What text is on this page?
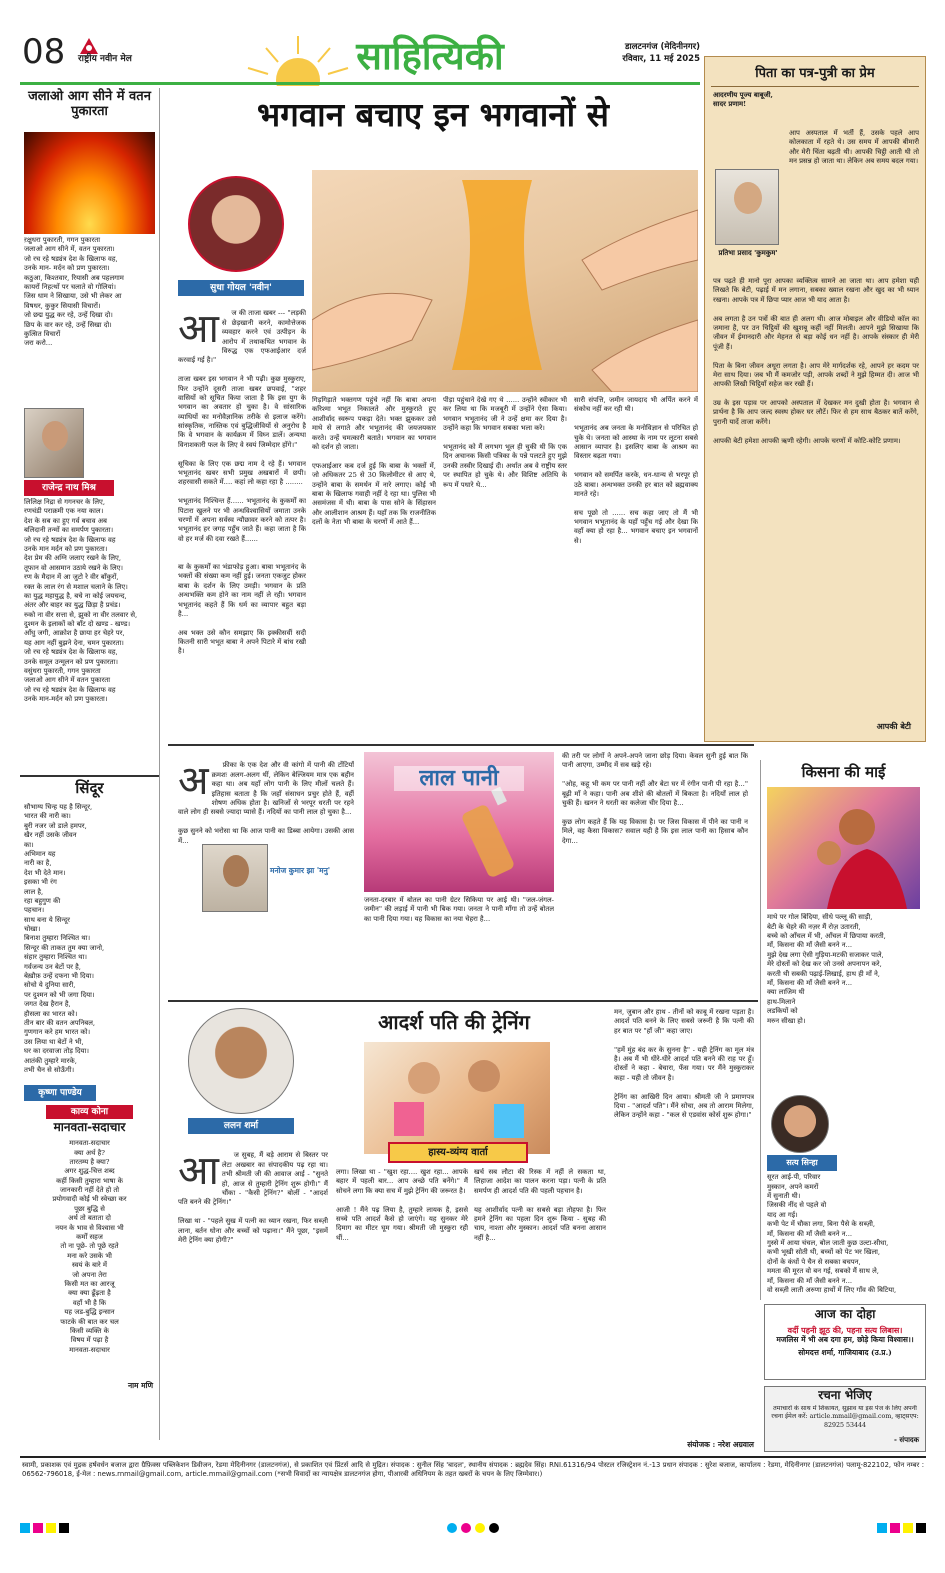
08 राष्ट्रीय नवीन मेल	साहित्यिकी	डालटनगंज (मेदिनीनगर)
रविवार, 11 मई 2025
जलाओ आग सीने में वतन पुकारता
ऱक्षुधरा पुकारती, गगन पुकारता
जलाओ आग सीने में, वतन पुकारता।
जो रच रहे षड्यंत्र देश के खिलाफ वह,
उनके मान- मर्दन को प्रण पुकारता।
कठुआ, किश्तवार, रियासी अब पहलगाम
कायरों निहत्थों पर चलाते वो गोलियां।
जिस धाम ने सिखाया, उसे भी लेकर आ
विषधर, कुकुर सियासी विचारों।
जो छद्म युद्ध कर रहे, उन्हें दिखा दो।
छिप के वार कर रहे, उन्हें सिखा दो।
कुत्सित विचारों
जरा करो...
राजेन्द्र नाथ मिश्र
लिलिक्ष निद्रा से गगनचर के लिए,
रणचंडी पराक्रमी एक नया काल।
देश के सब का हुए गर्व बचाव अब
बलिदानी तन्मों का समर्पण पुकारता।
जो रच रहे षड्यंत्र देश के खिलाफ वह
उनके मान मर्दन को प्रण पुकारता।
देश प्रेम की अग्नि जलाए रखने के लिए,
तूफान वो आसमान उठाये रखने के लिए।
रण के मैदान में आ जुटो रे वीर बाँकुरों,
रक्त के लाल रंग से मशाल चलाने के लिए।
का युद्ध महायुद्ध है, बचे ना कोई जयचन्द,
अंतर और बाहर का युद्ध छिड़ा है प्रचंड।
रुको ना वीर सत्ता से, झुको ना वीर तलवार से,
दुश्मन के इलाकों को बाँट दो खण्ड - खण्ड।
आँधु जगी, आक्रोश है छाया हर चेहरे पर,
यह आग नहीं बुझने देना, चमन पुकारता।
जो रच रहे षड्यंत्र देश के खिलाफ वह,
उनके समूल उन्मूलन को प्रण पुकारता।
वसुंधरा पुकारती, गगन पुकारता
जलाओ आग सीने में वतन पुकारता
जो रच रहे षड्यंत्र देश के खिलाफ वह
उनके मान-मर्दन को प्रण पुकारता।
सिंदूर
सौभाग्य चिन्ह यह है सिन्दूर,
भारत की नारी का।
बुरी नजर जो डाले हमपर,
खैर नहीं उसके जीवन
का।
अभिमान यह
नारी का है,
देश भी देते मान।
इसका भी रंग
लाल है,
रहा बहुगुण की
पहचान।
साथ बना ये सिन्दूर
चोखा।
बिनाश तुम्हारा निश्चित था।
सिन्दूर की ताकत तुम क्या जानो,
संहार तुम्हारा निश्चित था।
गर्वजन्य उन बेटों पर है,
बेख़ौफ़ उन्हें दफना भी दिया।
सोचो ये दुनिया सारी,
पर दुश्मन को भी जगा दिया।
जगत देख हैरान है,
हौसला का भारत को।
तीन बार की वतन अपनिबल,
गुणगान करे हम भारत को।
उस लिया था बेटों ने भी,
घर का दरवाजा तोड़ दिया।
आतंकी तुम्हारे मारके,
तभी चैन से सोऊँगी।
कृष्णा पाण्डेय
काव्य कोना
मानवता-सदाचार
मानवता-सदाचार
क्या अर्थ है?
तारतम्य है क्या?
अगर शुद्ध-चित्त शब्द
कहीं किसी तुम्हारा भाषा के
जानकारी नहीं देते हो तो
प्रयोगवादी कोई भी स्वेच्छा कर
पूछा बुद्धि से
अर्थ तो बताता दो
नयन के भाव से विश्वास भी
कर्मों सहज
तो ना पूछे- तो पूछे रहते
मना करे उसके भी
स्वयं के बारे में
जो अपना तेरा
किसी मत का आरजू
क्या क्या ढूँढ़ता है
वहाँ भी है कि
यह जड-बुद्धि इन्सान
फाटके की बात कर चल
किसी व्यक्ति के
विषय में पढ़ा है
मानवता-सदाचार
नाम मणि
भगवान बचाए इन भगवानों से
सुधा गोयल 'नवीन'

आ ज की ताजा खबर --- "लड़की से छेड़खानी करने, कामोत्तेजक व्यवहार करने एवं उत्पीड़न के आरोप में तथाकथित भगवान के विरुद्ध एक एफआईआर दर्ज करवाई गई है।"

ताजा खबर इस भगवान ने भी पढ़ी। कुछ मुस्कुराए, फिर उन्होंने दूसरी ताजा खबर छपवाई, "शहर वासियों को सूचित किया जाता है कि इस युग के भगवान का अवतार हो चुका है। वे सांसारिक व्याधियों का मनोवैज्ञानिक तरीके से इलाज करेंगे। सांस्कृतिक, नास्तिक एवं बुद्धिजीवियों से अनुरोध है कि वे भगवान के कार्यक्रम में विघ्न डालें। अन्यथा विनाशकारी फल के लिए वे स्वयं जिम्मेदार होंगे।"

सूचिका के लिए एक छद्म नाम दे रहे हैं। भगवान भभूतानंद खबर सभी प्रमुख अखबारों में छपी। शहरवासी सकते में.... कहां लो कहा रहा है ........

भभूतानंद निश्चिन्त हैं...... भभूतानंद के कुकर्मों का पिटारा खुलने पर भी अन्धविश्वासियों जमाता उनके चरणों में अपना सर्वस्व न्यौछावर करने को तत्पर है। भभूतानंद हर जगह पहुँच जाते हैं। कहा जाता है कि वो हर मर्ज की दवा रखते हैं......

बा के कुकर्मों का भंडाफोड़ हुआ। बाबा भभूतानंद के भक्तों की संख्या कम नहीं हुई। जनता एकजुट होकर बाबा के दर्शन के लिए उमड़ी। भगवान के प्रति अन्धभक्ति कम होने का नाम नहीं ले रही। भगवान भभूतानंद कहते हैं कि धर्म का व्यापार बहुत बड़ा है...

अब भक्त उसे कौन समझाए कि इक्कीसवीं सदी कितनी सारी भभूत बाबा ने अपने पिटारे में बांध रखी है।
गिड़गिड़ाते भक्तगण पहुंचे नहीं कि बाबा अपना करिश्मा भभूत निकालते और मुस्कुराते हुए आशीर्वाद स्वरूप पकड़ा देते। भक्त झुककर उसे माथे से लगाते और भभूतानंद की जयजयकार करते। उन्हें चमत्कारी बताते। भगवान का भगवान को दर्शन हो जाता।

एफआईआर कब दर्ज हुई कि बाबा के भक्तों में, जो अधिकतर 25 से 30 किलोमीटर से आए थे, उन्होंने बाबा के समर्थन में नारे लगाए। कोई भी बाबा के खिलाफ गवाही नहीं दे रहा था। पुलिस भी असमंजस में थी। बाबा के पास सोने के सिंहासन और आलीशान आश्रम हैं। यहाँ तक कि राजनीतिक दलों के नेता भी बाबा के चरणों में आते हैं...
पीड़ा पहुंचाने देखे गए थे ...... उन्होंने स्वीकार भी कर लिया था कि मजबूरी में उन्होंने ऐसा किया। भगवान भभूतानंद जी ने उन्हें क्षमा कर दिया है। उन्होंने कहा कि भगवान सबका भला करे।

भभूतानंद को मैं लगभग भूल ही चुकी थी कि एक दिन अचानक किसी पत्रिका के पन्ने पलटते हुए मुझे उनकी तस्वीर दिखाई दी। अर्थात अब वे राष्ट्रीय स्तर पर स्थापित हो चुके थे। और विशिष्ट अतिथि के रूप में पधारे थे...
सारी संपत्ति, जमीन जायदाद भी अर्पित करने में संकोच नहीं कर रही थी।

भभूतानंद अब जनता के मनोविज्ञान से परिचित हो चुके थे। जनता को आस्था के नाम पर लूटना सबसे आसान व्यापार है। इसलिए बाबा के आश्रम का विस्तार बढ़ता गया।

भगवान को समर्पित करके, धन-धान्य से भरपूर हो उठे बाबा। अन्धभक्त उनकी हर बात को ब्रह्मवाक्य मानते रहे।

सच पूछो तो ...... सच कहा जाए तो मैं भी भगवान भभूतानंद के यहाँ पहुँच गई और देखा कि वहाँ क्या हो रहा है... भगवान बचाए इन भगवानों से।
पिता का पत्र-पुत्री का प्रेम
आदरणीय पूज्य बाबूजी,
सादर प्रणाम!
प्रतिभा प्रसाद 'कुमकुम'
आप अस्पताल में भर्ती हैं, उसके पहले आप कोलकाता में रहते थे। उस समय में आपकी बीमारी और मेरी चिंता बढ़ती थी। आपकी चिट्ठी आती थी तो मन प्रसन्न हो जाता था। लेकिन अब समय बदल गया।
पत्र पढ़ते ही मानो पूरा आपका व्यक्तित्व सामने आ जाता था। आप हमेशा यही लिखते कि बेटी, पढ़ाई में मन लगाना, सबका ख्याल रखना और खुद का भी ध्यान रखना। आपके पत्र में छिपा प्यार आज भी याद आता है।

अब लगता है उन पत्रों की बात ही अलग थी। आज मोबाइल और वीडियो कॉल का जमाना है, पर उन चिट्ठियों की खुशबू कहीं नहीं मिलती। आपने मुझे सिखाया कि जीवन में ईमानदारी और मेहनत से बड़ा कोई धन नहीं है। आपके संस्कार ही मेरी पूंजी हैं।

पिता के बिना जीवन अधूरा लगता है। आप मेरे मार्गदर्शक रहे, आपने हर कदम पर मेरा साथ दिया। जब भी मैं कमजोर पड़ी, आपके शब्दों ने मुझे हिम्मत दी। आज भी आपकी लिखी चिट्ठियाँ सहेज कर रखी हैं।

उम्र के इस पड़ाव पर आपको अस्पताल में देखकर मन दुखी होता है। भगवान से प्रार्थना है कि आप जल्द स्वस्थ होकर घर लौटें। फिर से हम साथ बैठकर बातें करेंगे, पुरानी यादें ताजा करेंगे।

आपकी बेटी हमेशा आपकी ऋणी रहेगी। आपके चरणों में कोटि-कोटि प्रणाम।
आपकी बेटी

अ फ्रीका के एक देश और वी कांगो में पानी की टोंटियाँ क्रमशः अलग-अलग थीं, लेकिन बेल्जियम मात्र एक बहीन कहा था। अब यहाँ लोग पानी के लिए मीलों चलते हैं। इतिहास बताता है कि जहाँ संसाधन प्रचुर होते हैं, वहीं शोषण अधिक होता है। खनिजों से भरपूर धरती पर रहने वाले लोग ही सबसे ज्यादा प्यासे हैं। नदियों का पानी लाल हो चुका है...

कुछ सुनने को भरोसा था कि आज पानी का डिब्बा आयेगा। उसकी आस में...

मनोज कुमार झा 'मनु'
लाल पानी
जनता-दरबार में बोतल का पानी ग्रेटर सिकिया पर आई थी। "जल-जंगल-जमीन" की लड़ाई में पानी भी बिक गया। जनता ने पानी माँगा तो उन्हें बोतल का पानी दिया गया। यह विकास का नया चेहरा है...
की तरी पर लोगों ने अपने-अपने जाना छोड़ दिया। केवल सुनी हुई बात कि पानी आएगा, उम्मीद में सब खड़े रहे।

"ओह, कहू भी कम पर पानी नहीं और बेटा घर में रंगीन पानी पी रहा है..." बूढ़ी माँ ने कहा। पानी अब शीशे की बोतलों में बिकता है। नदियाँ लाल हो चुकी हैं। खनन ने धरती का कलेजा चीर दिया है...

कुछ लोग कहते हैं कि यह विकास है। पर जिस विकास में पीने का पानी न मिले, वह कैसा विकास? सवाल यही है कि इस लाल पानी का हिसाब कौन देगा...
किसना की माई
माथे पर गोल बिंदिया, सीधे पल्लू की साड़ी,
बेटी के चेहरे की नज़र मैं रोज़ उतारती,
बच्चे को आँचल में भी, आँचल में छिपाया करती,
माँ, किसना की माँ जैसी बनने न...
मुझे देख लगा ऐसी गुड़िया-मटकी सजाकर पाले,
मेरे दोस्तों को देख कर जो उनसे अपनापन करे,
करती थी सबकी पढ़ाई-लिखाई, हाथ ही माँ ने,
माँ, किसना की माँ जैसी बनने न...
क्या लाजिम थी
हाथ-मिलाने
लडकियों को
मरुन सीखा हो।
सत्य सिन्हा
सूरत आई-पी, परिवार
मुस्कान, अपने कमरों
में सुनाती थी।
जिसकी नींद से पहले वो
याद आ गई।
कभी पेट में चौका लगा, बिना पैसे के सब्ज़ी,
माँ, किसना की माँ जैसी बनने न...
गुस्से में आया चंचल, बोल जाती कुछ उल्टा-सीधा,
कभी भूखी सोती थी, बच्चों को पेट भर खिला,
दोनों के कंधों पे चैन से सबका बचपन,
ममता की मूरत वो बन गई, सबको मैं साथ ले,
माँ, किसना की माँ जैसी बनने न...
वो सब्ज़ी लाती अरुणा हाथों में लिए गाँव की बिटिया,

आज का दोहा
वर्दी पहनी झूठ की, पहना सत्य लिबास।
मजलिस में भी अब दगा हम, छोड़े किया विश्वास।।
सोमदत्त शर्मा, गाजियाबाद (उ.प्र.)
रचना भेजिए
तमाचारों के साथ में शिकायत, सुझाव या इस पेज के लिए अपनी रचना ईमेल करें: article.mmail@gmail.com, व्हाट्सएप: 82925 53444
- संपादक
ललन शर्मा
आदर्श पति की ट्रेनिंग
हास्य-व्यंग्य वार्ता

आ ज सुबह, मैं बड़े आराम से बिस्तर पर लेटा अखबार का संपादकीय पढ़ रहा था। तभी श्रीमती जी की आवाज आई - "सुनते हो, आज से तुम्हारी ट्रेनिंग शुरू होगी।" मैं चौंका - "कैसी ट्रेनिंग?" बोलीं - "आदर्श पति बनने की ट्रेनिंग।"

लिखा था - "पहले सुख में पत्नी का ध्यान रखना, फिर सब्ज़ी लाना, बर्तन धोना और बच्चों को पढ़ाना।" मैंने पूछा, "इसमें मेरी ट्रेनिंग क्या होगी?"

लगा। लिखा था - "खुश रहा.... खुश रहा... आपके बहार में पहली बार... आप अच्छे पति बनेंगे।" मैं सोचने लगा कि क्या सच में मुझे ट्रेनिंग की जरूरत है।

आजी ! मैंने पढ़ लिया है, तुम्हारे लायक है, इससे सच्चे पति आदर्श कैसे हो जाएंगे। यह सुनकर मेरे दिमाग का मीटर घूम गया। श्रीमती जी मुस्कुरा रही थीं...
खर्च सब लौटा की रिस्क में नहीं ले सकता था, लिहाजा आदेश का पालन करना पड़ा। पत्नी के प्रति समर्पण ही आदर्श पति की पहली पहचान है।

यह आशीर्वाद पत्नी का सबसे बड़ा तोहफा है। फिर हमने ट्रेनिंग का पहला दिन शुरू किया - सुबह की चाय, नाश्ता और मुस्कान। आदर्श पति बनना आसान नहीं है...
मन, जुबान और हाथ - तीनों को काबू में रखना पड़ता है। आदर्श पति बनने के लिए सबसे जरूरी है कि पत्नी की हर बात पर "हाँ जी" कहा जाए।

"हमें मुंह बंद कर के सुनना है" - यही ट्रेनिंग का मूल मंत्र है। अब मैं भी धीरे-धीरे आदर्श पति बनने की राह पर हूँ। दोस्तों ने कहा - बेचारा, फँस गया। पर मैंने मुस्कुराकर कहा - यही तो जीवन है।

ट्रेनिंग का आखिरी दिन आया। श्रीमती जी ने प्रमाणपत्र दिया - "आदर्श पति"। मैंने सोचा, अब तो आराम मिलेगा, लेकिन उन्होंने कहा - "कल से एडवांस कोर्स शुरू होगा।"
संयोजक : नरेश अग्रवाल
स्वामी, प्रकाशक एवं मुद्रक हर्षवर्धन बजाज द्वारा ग्रैफ़िक्स पब्लिकेशन डिवीजन, रेडमा मेदिनीनगर (डालटनगंज), से प्रकाशित एवं प्रिंटर्स आदि से मुद्रित। संपादक : सुनील सिंह 'बादल', स्थानीय संपादक : ब्रह्मदेव सिंह। RNI.61316/94 पोस्टल रजिस्ट्रेशन नं.-13 प्रधान संपादक : सुरेश बजाज, कार्यालय : रेडमा, मेदिनीनगर (डालटनगंज) पलामू-822102, फोन नम्बर : 06562-796018, ई-मेल : news.rnmail@gmail.com, article.mmail@gmail.com (*सभी विवादों का न्यायक्षेत्र डालटनगंज होगा, पीआरबी अधिनियम के तहत खबरों के चयन के लिए जिम्मेवार।)
